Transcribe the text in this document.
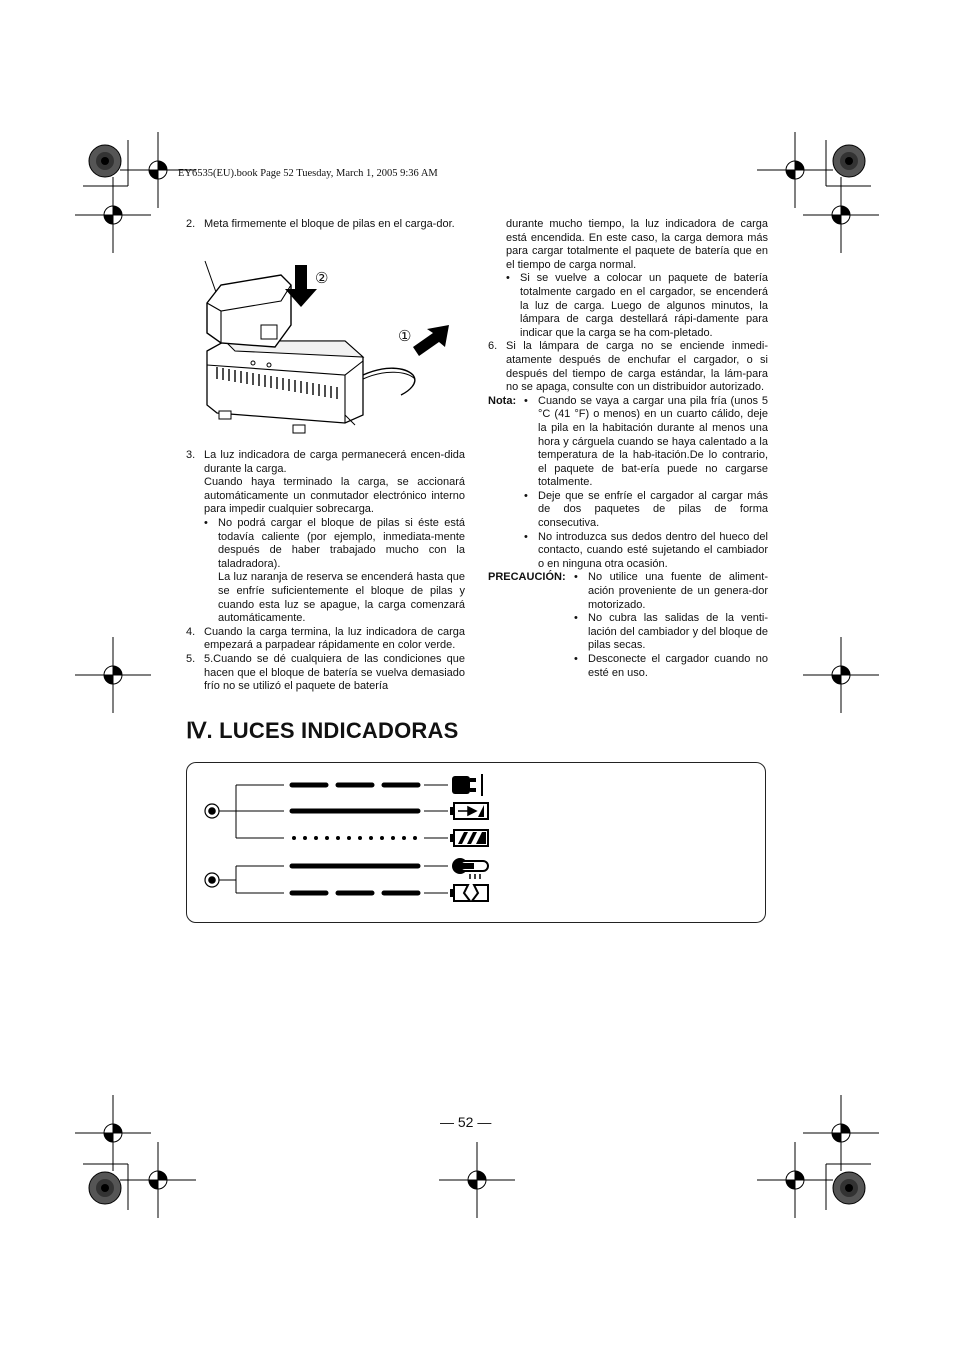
EY6535(EU).book Page 52 Tuesday, March 1, 2005 9:36 AM
2. Meta firmemente el bloque de pilas en el carga-dor.

②
①
3. La luz indicadora de carga permanecerá encen-dida durante la carga.

Cuando haya terminado la carga, se accionará automáticamente un conmutador electrónico interno para impedir cualquier sobrecarga.

• No podrá cargar el bloque de pilas si éste está todavía caliente (por ejemplo, inmediata-mente después de haber trabajado mucho con la taladradora).

La luz naranja de reserva se encenderá hasta que se enfríe suficientemente el bloque de pilas y cuando esta luz se apague, la carga comenzará automáticamente.

4. Cuando la carga termina, la luz indicadora de carga empezará a parpadear rápidamente en color verde.

5. 5.Cuando se dé cualquiera de las condiciones que hacen que el bloque de batería se vuelva demasiado frío no se utilizó el paquete de batería

durante mucho tiempo, la luz indicadora de carga está encendida. En este caso, la carga demora más para cargar totalmente el paquete de batería que en el tiempo de carga normal.

• Si se vuelve a colocar un paquete de batería totalmente cargado en el cargador, se encenderá la luz de carga. Luego de algunos minutos, la lámpara de carga destellará rápi-damente para indicar que la carga se ha com-pletado.

6. Si la lámpara de carga no se enciende inmedi-atamente después de enchufar el cargador, o si después del tiempo de carga estándar, la lám-para no se apaga, consulte con un distribuidor autorizado.

Nota: • Cuando se vaya a cargar una pila fría (unos 5 °C (41 °F) o menos) en un cuarto cálido, deje la pila en la habitación durante al menos una hora y cárguela cuando se haya calentado a la temperatura de la hab-itación.De lo contrario, el paquete de bat-ería puede no cargarse totalmente.

• Deje que se enfríe el cargador al cargar más de dos paquetes de pilas de forma consecutiva.

• No introduzca sus dedos dentro del hueco del contacto, cuando esté sujetando el cambiador o en ninguna otra ocasión.

PRECAUCIÓN: • No utilice una fuente de aliment-ación proveniente de un genera-dor motorizado.

• No cubra las salidas de la venti-lación del cambiador y del bloque de pilas secas.

• Desconecte el cargador cuando no esté en uso.

Ⅳ. LUCES INDICADORAS
— 52 —
